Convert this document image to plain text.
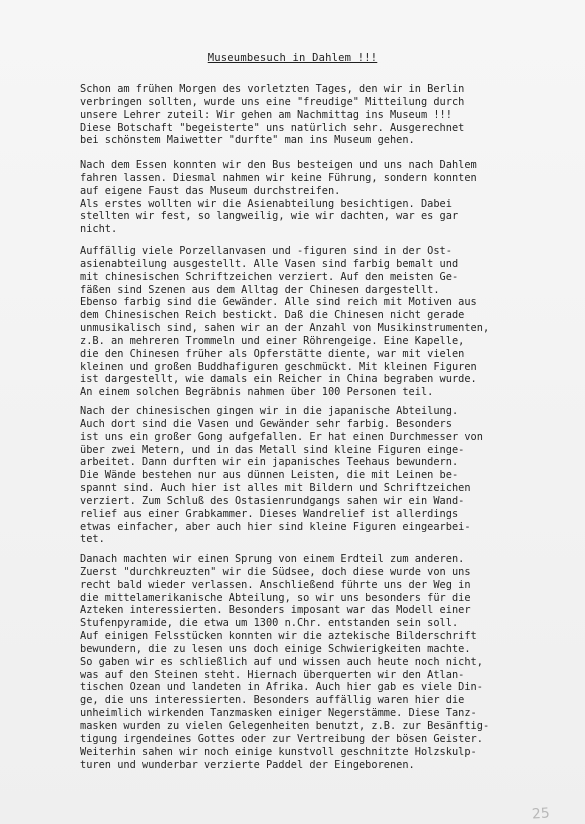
Museumbesuch in Dahlem !!!
Schon am frühen Morgen des vorletzten Tages, den wir in Berlin
verbringen sollten, wurde uns eine "freudige" Mitteilung durch
unsere Lehrer zuteil: Wir gehen am Nachmittag ins Museum !!!
Diese Botschaft "begeisterte" uns natürlich sehr. Ausgerechnet
bei schönstem Maiwetter "durfte" man ins Museum gehen.
Nach dem Essen konnten wir den Bus besteigen und uns nach Dahlem
fahren lassen. Diesmal nahmen wir keine Führung, sondern konnten
auf eigene Faust das Museum durchstreifen.
Als erstes wollten wir die Asienabteilung besichtigen. Dabei
stellten wir fest, so langweilig, wie wir dachten, war es gar
nicht.
Auffällig viele Porzellanvasen und -figuren sind in der Ost-
asienabteilung ausgestellt. Alle Vasen sind farbig bemalt und
mit chinesischen Schriftzeichen verziert. Auf den meisten Ge-
fäßen sind Szenen aus dem Alltag der Chinesen dargestellt.
Ebenso farbig sind die Gewänder. Alle sind reich mit Motiven aus
dem Chinesischen Reich bestickt. Daß die Chinesen nicht gerade
unmusikalisch sind, sahen wir an der Anzahl von Musikinstrumenten,
z.B. an mehreren Trommeln und einer Röhrengeige. Eine Kapelle,
die den Chinesen früher als Opferstätte diente, war mit vielen
kleinen und großen Buddhafiguren geschmückt. Mit kleinen Figuren
ist dargestellt, wie damals ein Reicher in China begraben wurde.
An einem solchen Begräbnis nahmen über 100 Personen teil.
Nach der chinesischen gingen wir in die japanische Abteilung.
Auch dort sind die Vasen und Gewänder sehr farbig. Besonders
ist uns ein großer Gong aufgefallen. Er hat einen Durchmesser von
über zwei Metern, und in das Metall sind kleine Figuren einge-
arbeitet. Dann durften wir ein japanisches Teehaus bewundern.
Die Wände bestehen nur aus dünnen Leisten, die mit Leinen be-
spannt sind. Auch hier ist alles mit Bildern und Schriftzeichen
verziert. Zum Schluß des Ostasienrundgangs sahen wir ein Wand-
relief aus einer Grabkammer. Dieses Wandrelief ist allerdings
etwas einfacher, aber auch hier sind kleine Figuren eingearbei-
tet.
Danach machten wir einen Sprung von einem Erdteil zum anderen.
Zuerst "durchkreuzten" wir die Südsee, doch diese wurde von uns
recht bald wieder verlassen. Anschließend führte uns der Weg in
die mittelamerikanische Abteilung, so wir uns besonders für die
Azteken interessierten. Besonders imposant war das Modell einer
Stufenpyramide, die etwa um 1300 n.Chr. entstanden sein soll.
Auf einigen Felsstücken konnten wir die aztekische Bilderschrift
bewundern, die zu lesen uns doch einige Schwierigkeiten machte.
So gaben wir es schließlich auf und wissen auch heute noch nicht,
was auf den Steinen steht. Hiernach überquerten wir den Atlan-
tischen Ozean und landeten in Afrika. Auch hier gab es viele Din-
ge, die uns interessierten. Besonders auffällig waren hier die
unheimlich wirkenden Tanzmasken einiger Negerstämme. Diese Tanz-
masken wurden zu vielen Gelegenheiten benutzt, z.B. zur Besänftig-
tigung irgendeines Gottes oder zur Vertreibung der bösen Geister.
Weiterhin sahen wir noch einige kunstvoll geschnitzte Holzskulp-
turen und wunderbar verzierte Paddel der Eingeborenen.
25
